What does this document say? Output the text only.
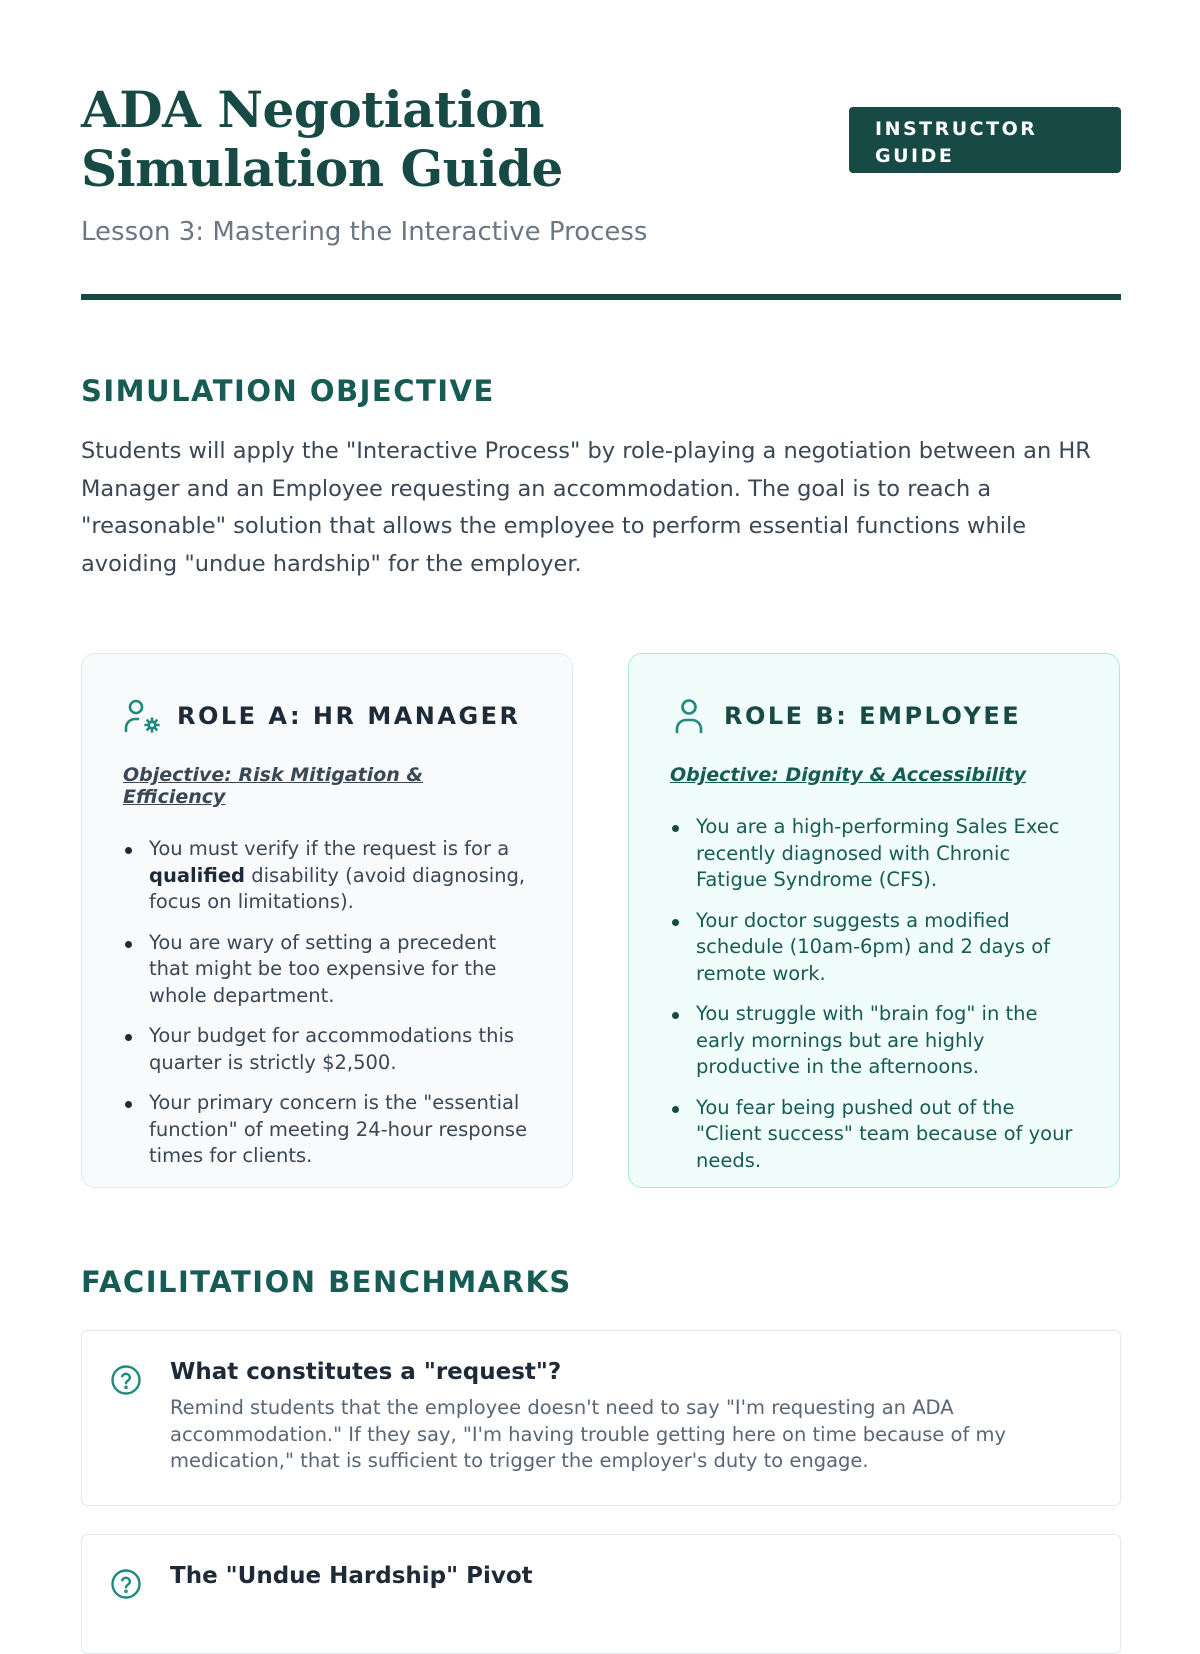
ADA Negotiation Simulation Guide
INSTRUCTOR GUIDE

Lesson 3: Mastering the Interactive Process

SIMULATION OBJECTIVE

Students will apply the "Interactive Process" by role-playing a negotiation between an HR Manager and an Employee requesting an accommodation. The goal is to reach a "reasonable" solution that allows the employee to perform essential functions while avoiding "undue hardship" for the employer.

ROLE A: HR MANAGER

Objective: Risk Mitigation & Efficiency

You must verify if the request is for a qualified disability (avoid diagnosing, focus on limitations).
You are wary of setting a precedent that might be too expensive for the whole department.
Your budget for accommodations this quarter is strictly $2,500.
Your primary concern is the "essential function" of meeting 24-hour response times for clients.
ROLE B: EMPLOYEE

Objective: Dignity & Accessibility

You are a high-performing Sales Exec recently diagnosed with Chronic Fatigue Syndrome (CFS).
Your doctor suggests a modified schedule (10am-6pm) and 2 days of remote work.
You struggle with "brain fog" in the early mornings but are highly productive in the afternoons.
You fear being pushed out of the "Client success" team because of your needs.
FACILITATION BENCHMARKS
What constitutes a "request"?

Remind students that the employee doesn't need to say "I'm requesting an ADA accommodation." If they say, "I'm having trouble getting here on time because of my medication," that is sufficient to trigger the employer's duty to engage.

The "Undue Hardship" Pivot
